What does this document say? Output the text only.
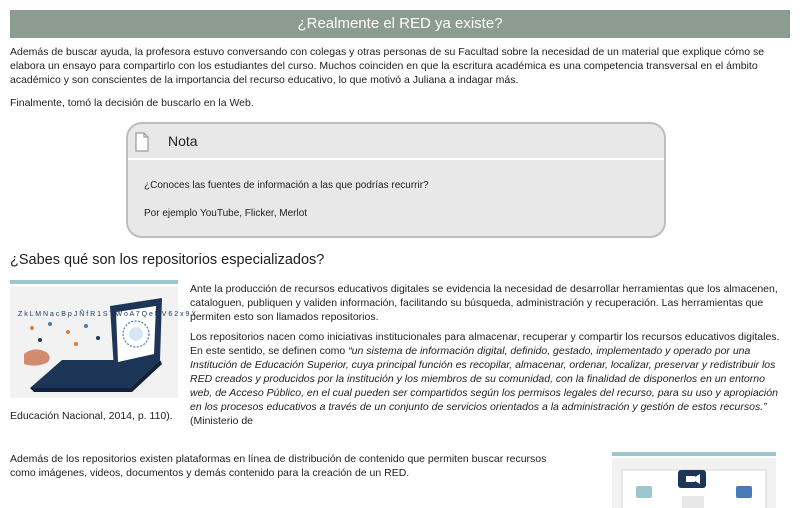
¿Realmente el RED ya existe?

Además de buscar ayuda, la profesora estuvo conversando con colegas y otras personas de su Facultad sobre la necesidad de un material que explique cómo se elabora un ensayo para compartirlo con los estudiantes del curso. Muchos coinciden en que la escritura académica es una competencia transversal en el ámbito académico y son conscientes de la importancia del recurso educativo, lo que motivó a Juliana a indagar más.

Finalmente, tomó la decisión de buscarlo en la Web.

Nota
¿Conoces las fuentes de información a las que podrías recurrir?
Por ejemplo YouTube, Flicker, Merlot
¿Sabes qué son los repositorios especializados?
Z k L M N a c B p J Ñ f R 1 S T W o A 7 Q e D V 6 2 x 9 X

Ante la producción de recursos educativos digitales se evidencia la necesidad de desarrollar herramientas que los almacenen, cataloguen, publiquen y validen información, facilitando su búsqueda, administración y recuperación. Las herramientas que permiten esto son llamados repositorios.

Los repositorios nacen como iniciativas institucionales para almacenar, recuperar y compartir los recursos educativos digitales. En este sentido, se definen como “un sistema de información digital, definido, gestado, implementado y operado por una Institución de Educación Superior, cuya principal función es recopilar, almacenar, ordenar, localizar, preservar y redistribuir los RED creados y producidos por la institución y los miembros de su comunidad, con la finalidad de disponerlos en un entorno web, de Acceso Público, en el cual pueden ser compartidos según los permisos legales del recurso, para su uso y apropiación en los procesos educativos a través de un conjunto de servicios orientados a la administración y gestión de estos recursos.” (Ministerio de

Educación Nacional, 2014, p. 110).

Además de los repositorios existen plataformas en línea de distribución de contenido que permiten buscar recursos como imágenes, videos, documentos y demás contenido para la creación de un RED.
